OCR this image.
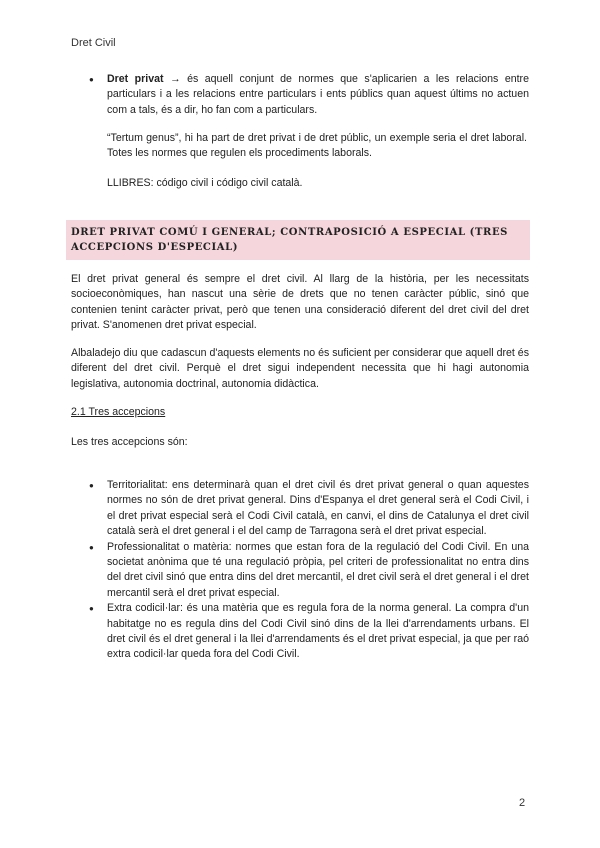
Dret Civil
● Dret privat → és aquell conjunt de normes que s'aplicarien a les relacions entre particulars i a les relacions entre particulars i ents públics quan aquest últims no actuen com a tals, és a dir, ho fan com a particulars.

“Tertum genus”, hi ha part de dret privat i de dret públic, un exemple seria el dret laboral. Totes les normes que regulen els procediments laborals.

LLIBRES: código civil i código civil català.

DRET PRIVAT COMÚ I GENERAL; CONTRAPOSICIÓ A ESPECIAL (TRES ACCEPCIONS D'ESPECIAL)

El dret privat general és sempre el dret civil. Al llarg de la història, per les necessitats socioeconòmiques, han nascut una sèrie de drets que no tenen caràcter públic, sinó que contenien tenint caràcter privat, però que tenen una consideració diferent del dret civil del dret privat. S'anomenen dret privat especial.

Albaladejo diu que cadascun d'aquests elements no és suficient per considerar que aquell dret és diferent del dret civil. Perquè el dret sigui independent necessita que hi hagi autonomia legislativa, autonomia doctrinal, autonomia didàctica.

2.1 Tres accepcions
Les tres accepcions són:
● Territorialitat: ens determinarà quan el dret civil és dret privat general o quan aquestes normes no són de dret privat general. Dins d'Espanya el dret general serà el Codi Civil, i el dret privat especial serà el Codi Civil català, en canvi, el dins de Catalunya el dret civil català serà el dret general i el del camp de Tarragona serà el dret privat especial.
● Professionalitat o matèria: normes que estan fora de la regulació del Codi Civil. En una societat anònima que té una regulació pròpia, pel criteri de professionalitat no entra dins del dret civil sinó que entra dins del dret mercantil, el dret civil serà el dret general i el dret mercantil serà el dret privat especial.
● Extra codicil·lar: és una matèria que es regula fora de la norma general. La compra d'un habitatge no es regula dins del Codi Civil sinó dins de la llei d'arrendaments urbans. El dret civil és el dret general i la llei d'arrendaments és el dret privat especial, ja que per raó extra codicil·lar queda fora del Codi Civil.
2
